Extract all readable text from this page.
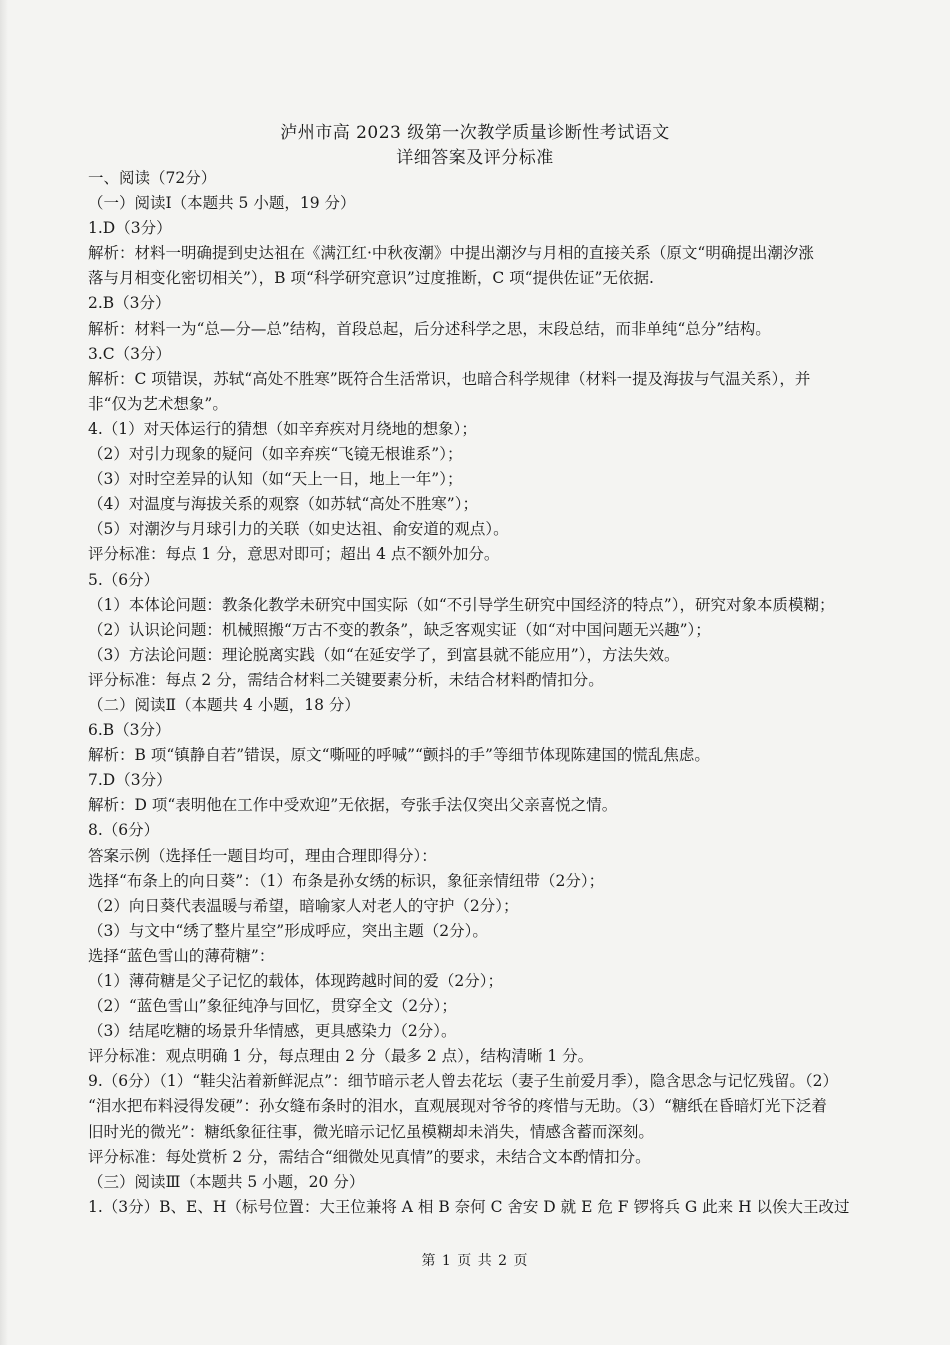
泸州市高 2023 级第一次教学质量诊断性考试语文
详细答案及评分标准
一、阅读（72分）
（一）阅读Ⅰ（本题共 5 小题，19 分）
1.D（3分）
解析：材料一明确提到史达祖在《满江红·中秋夜潮》中提出潮汐与月相的直接关系（原文“明确提出潮汐涨
落与月相变化密切相关”），B 项“科学研究意识”过度推断，C 项“提供佐证”无依据.
2.B（3分）
解析：材料一为“总—分—总”结构，首段总起，后分述科学之思，末段总结，而非单纯“总分”结构。
3.C（3分）
解析：C 项错误，苏轼“高处不胜寒”既符合生活常识，也暗合科学规律（材料一提及海拔与气温关系），并
非“仅为艺术想象”。
4.（1）对天体运行的猜想（如辛弃疾对月绕地的想象）；
（2）对引力现象的疑问（如辛弃疾“飞镜无根谁系”）；
（3）对时空差异的认知（如“天上一日，地上一年”）；
（4）对温度与海拔关系的观察（如苏轼“高处不胜寒”）；
（5）对潮汐与月球引力的关联（如史达祖、俞安道的观点）。
评分标准：每点 1 分，意思对即可；超出 4 点不额外加分。
5.（6分）
（1）本体论问题：教条化教学未研究中国实际（如“不引导学生研究中国经济的特点”），研究对象本质模糊；
（2）认识论问题：机械照搬“万古不变的教条”，缺乏客观实证（如“对中国问题无兴趣”）；
（3）方法论问题：理论脱离实践（如“在延安学了，到富县就不能应用”），方法失效。
评分标准：每点 2 分，需结合材料二关键要素分析，未结合材料酌情扣分。
（二）阅读Ⅱ（本题共 4 小题，18 分）
6.B（3分）
解析：B 项“镇静自若”错误，原文“嘶哑的呼喊”“颤抖的手”等细节体现陈建国的慌乱焦虑。
7.D（3分）
解析：D 项“表明他在工作中受欢迎”无依据，夸张手法仅突出父亲喜悦之情。
8.（6分）
答案示例（选择任一题目均可，理由合理即得分）：
选择“布条上的向日葵”：（1）布条是孙女绣的标识，象征亲情纽带（2分）；
（2）向日葵代表温暖与希望，暗喻家人对老人的守护（2分）；
（3）与文中“绣了整片星空”形成呼应，突出主题（2分）。
选择“蓝色雪山的薄荷糖”：
（1）薄荷糖是父子记忆的载体，体现跨越时间的爱（2分）；
（2）“蓝色雪山”象征纯净与回忆，贯穿全文（2分）；
（3）结尾吃糖的场景升华情感，更具感染力（2分）。
评分标准：观点明确 1 分，每点理由 2 分（最多 2 点），结构清晰 1 分。
9.（6分）（1）“鞋尖沾着新鲜泥点”：细节暗示老人曾去花坛（妻子生前爱月季），隐含思念与记忆残留。（2）
“泪水把布料浸得发硬”：孙女缝布条时的泪水，直观展现对爷爷的疼惜与无助。（3）“糖纸在昏暗灯光下泛着
旧时光的微光”：糖纸象征往事，微光暗示记忆虽模糊却未消失，情感含蓄而深刻。
评分标准：每处赏析 2 分，需结合“细微处见真情”的要求，未结合文本酌情扣分。
（三）阅读Ⅲ（本题共 5 小题，20 分）
1.（3分）B、E、H（标号位置：大王位兼将 A 相 B 奈何 C 舍安 D 就 E 危 F 锣将兵 G 此来 H 以俟大王改过
第 1 页 共 2 页
